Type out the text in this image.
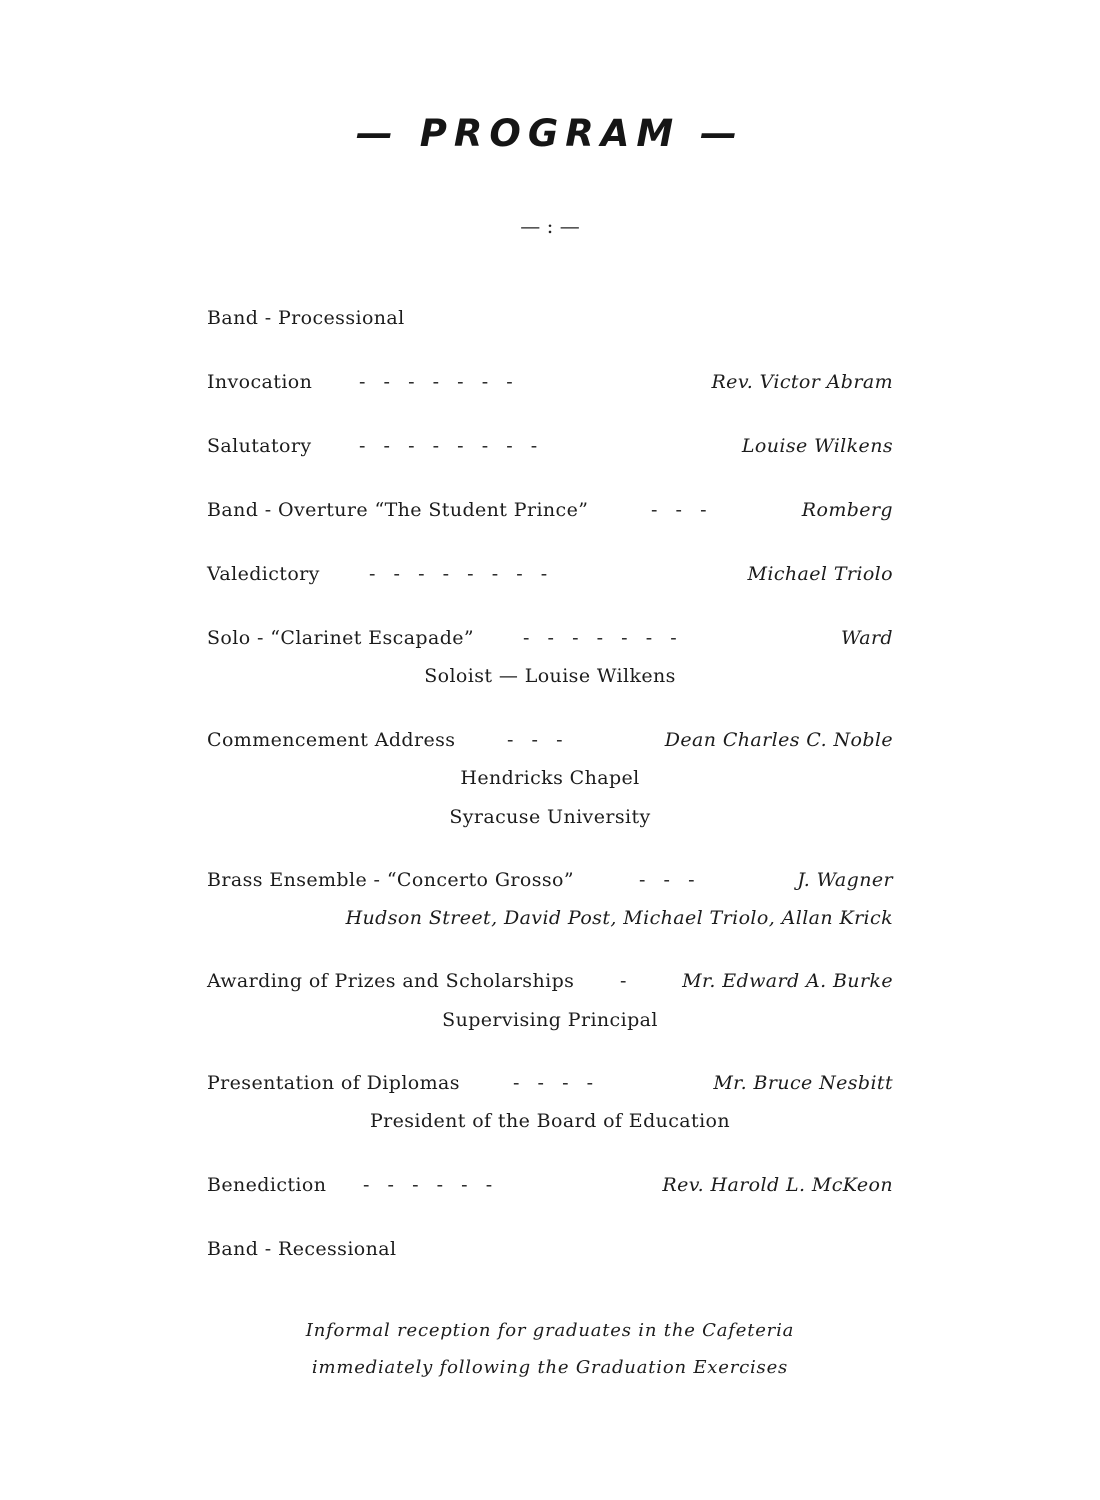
— PROGRAM —
— : —
Band - Processional
Invocation -   -   -   -   -   -   -	Rev. Victor Abram
Salutatory -   -   -   -   -   -   -   -	Louise Wilkens
Band - Overture “The Student Prince”	-   -   -	Romberg
Valedictory	-   -   -   -   -   -   -   -	Michael Triolo
Solo - “Clarinet Escapade”	-   -   -   -   -   -   -	Ward
Soloist — Louise Wilkens
Commencement Address	-   -   -	Dean Charles C. Noble
Hendricks Chapel
Syracuse University
Brass Ensemble - “Concerto Grosso”	-   -   -	J. Wagner
Hudson Street, David Post, Michael Triolo, Allan Krick
Awarding of Prizes and Scholarships -	Mr. Edward A. Burke
Supervising Principal
Presentation of Diplomas	-   -   -   -	Mr. Bruce Nesbitt
President of the Board of Education
Benediction -   -   -   -   -   -	Rev. Harold L. McKeon
Band - Recessional
Informal reception for graduates in the Cafeteria
immediately following the Graduation Exercises
